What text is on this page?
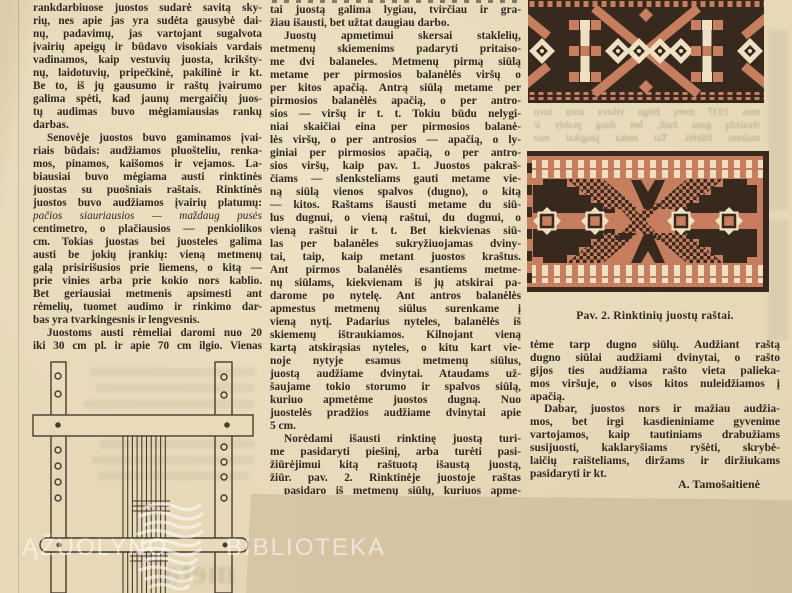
rankdarbiuose juostos sudarė savitą sky-
rių, nes apie jas yra sudėta gausybė dai-
nų, padavimų, jas vartojant sugalvota
įvairių apeigų ir būdavo visokiais vardais
vadinamos, kaip vestuvių juosta, krikšty-
nų, laidotuvių, pripečkinė, pakilinė ir kt.
Be to, iš jų gausumo ir raštų įvairumo
galima spėti, kad jaunų mergaičių juos-
tų audimas buvo mėgiamiausias rankų
darbas.
Senovėje juostos buvo gaminamos įvai-
riais būdais: audžiamos pluošteliu, renka-
mos, pinamos, kaišomos ir vejamos. La-
biausiai buvo mėgiama austi rinktinės
juostas su puošniais raštais. Rinktinės
juostos buvo audžiamos įvairių platumų:
pačios siauriausios — maždaug pusės
centimetro, o plačiausios — penkiolikos
cm. Tokias juostas bei juosteles galima
austi be jokių įrankių: vieną metmenų
galą prisirišusios prie liemens, o kitą —
prie vinies arba prie kokio nors kablio.
Bet geriausiai metmenis apsimesti ant
rėmelių, tuomet audimo ir rinkimo dar-
bas yra tvarkingesnis ir lengvesnis.
Juostoms austi rėmeliai daromi nuo 20
iki 30 cm pl. ir apie 70 cm ilgio. Vienas
tai juostą galima lygiau, tvirčiau ir gra-
žiau išausti, bet užtat daugiau darbo.
Juostų apmetimui skersai staklelių,
metmenų skiemenims padaryti pritaiso-
me dvi balaneles. Metmenų pirmą siūlą
metame per pirmosios balanėlės viršų o
per kitos apačią. Antrą siūlą metame per
pirmosios balanėlės apačią, o per antro-
sios — viršų ir t. t. Tokiu būdu nelygi-
niai skaičiai eina per pirmosios balanė-
lės viršų, o per antrosios — apačią, o ly-
giniai per pirmosios apačią, o per antro-
sios viršų, kaip pav. 1. Juostos pakraš-
čiams — slenksteliams gauti metame vie-
ną siūlą vienos spalvos (dugno), o kitą
— kitos. Raštams išausti metame du siū-
lus dugnui, o vieną raštui, du dugnui, o
vieną raštui ir t. t. Bet kiekvienas siū-
las per balanėles sukryžiuojamas dviny-
tai, taip, kaip metant juostos kraštus.
Ant pirmos balanėlės esantiems metme-
nų siūlams, kiekvienam iš jų atskirai pa-
darome po nytelę. Ant antros balanėlės
apmestus metmenų siūlus surenkame į
vieną nytį. Padarius nyteles, balanėlės iš
skiemenų ištraukiamos. Kilnojant vieną
kartą atskirąsias nyteles, o kitu kart vie-
noje nytyje esamus metmenų siūlus,
juostą audžiame dvinytai. Ataudams už-
šaujame tokio storumo ir spalvos siūlą,
kuriuo apmetėme juostos dugną. Nuo
juostelės pradžios audžiame dvinytai apie
5 cm.
Norėdami išausti rinktinę juostą turi-
me pasidaryti piešinį, arba turėti pasi-
žiūrėjimui kitą raštuotą išaustą juostą,
žiūr. pav. 2. Rinktinėje juostoje raštas
pasidaro iš metmenų siūlų, kuriuos apme-
mus 1937 metų žėlga višava uora tuvo
išvaizdą gana žudi, bet daug prably ir
malonu žiūrėti. Tai tenka jaugikai nuo
Pav. 2. Rinktinių juostų raštai.
tėme tarp dugno siūlų. Audžiant raštą
dugno siūlai audžiami dvinytai, o rašto
gijos ties audžiama rašto vieta palieka-
mos viršuje, o visos kitos nuleidžiamos į
apačią.
Dabar, juostos nors ir mažiau audžia-
mos, bet irgi kasdieniniame gyvenime
vartojamos, kaip tautiniams drabužiams
susijuosti, kaklaryšiams ryšėti, skrybė-
laičių raišteliams, diržams ir diržiukams
pasidaryti ir kt.
A. Tamošaitienė
metai
ĄŽUOLYNO BIBLIOTEKA
